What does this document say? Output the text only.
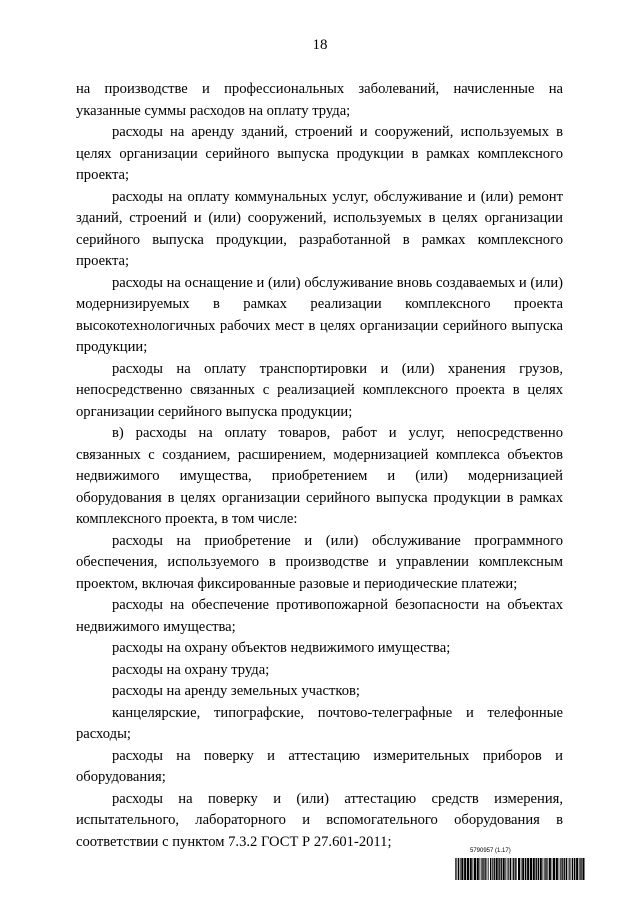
18

на производстве и профессиональных заболеваний, начисленные на указанные суммы расходов на оплату труда;

расходы на аренду зданий, строений и сооружений, используемых в целях организации серийного выпуска продукции в рамках комплексного проекта;

расходы на оплату коммунальных услуг, обслуживание и (или) ремонт зданий, строений и (или) сооружений, используемых в целях организации серийного выпуска продукции, разработанной в рамках комплексного проекта;

расходы на оснащение и (или) обслуживание вновь создаваемых и (или) модернизируемых в рамках реализации комплексного проекта высокотехнологичных рабочих мест в целях организации серийного выпуска продукции;

расходы на оплату транспортировки и (или) хранения грузов, непосредственно связанных с реализацией комплексного проекта в целях организации серийного выпуска продукции;

в) расходы на оплату товаров, работ и услуг, непосредственно связанных с созданием, расширением, модернизацией комплекса объектов недвижимого имущества, приобретением и (или) модернизацией оборудования в целях организации серийного выпуска продукции в рамках комплексного проекта, в том числе:

расходы на приобретение и (или) обслуживание программного обеспечения, используемого в производстве и управлении комплексным проектом, включая фиксированные разовые и периодические платежи;

расходы на обеспечение противопожарной безопасности на объектах недвижимого имущества;

расходы на охрану объектов недвижимого имущества;

расходы на охрану труда;

расходы на аренду земельных участков;

канцелярские, типографские, почтово-телеграфные и телефонные расходы;

расходы на поверку и аттестацию измерительных приборов и оборудования;

расходы на поверку и (или) аттестацию средств измерения, испытательного, лабораторного и вспомогательного оборудования в соответствии с пунктом 7.3.2 ГОСТ Р 27.601-2011;

5790957 (1.17)
